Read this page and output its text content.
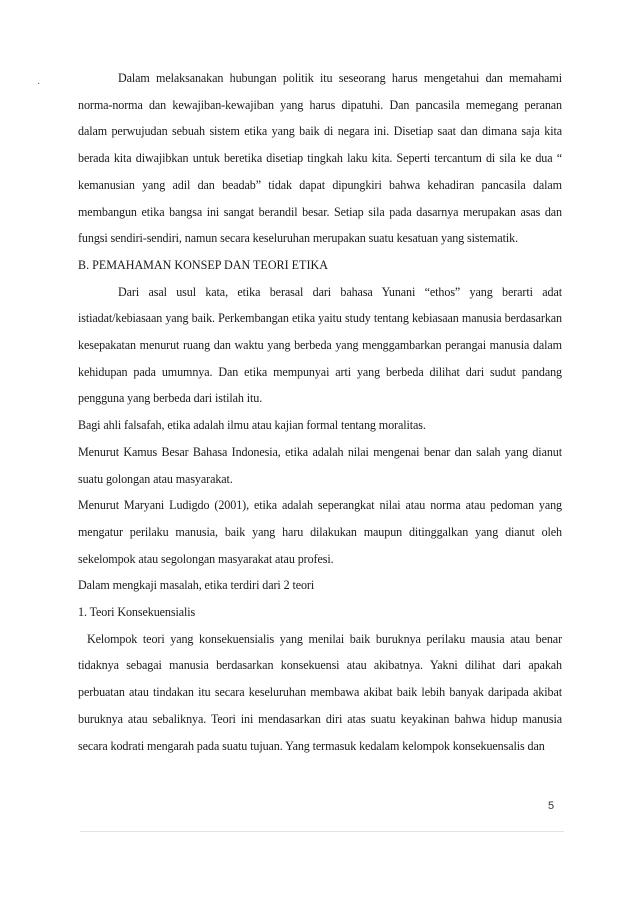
·	Dalam melaksanakan hubungan politik itu seseorang harus mengetahui dan memahami norma-norma dan kewajiban-kewajiban yang harus dipatuhi. Dan pancasila memegang peranan dalam perwujudan sebuah sistem etika yang baik di negara ini. Disetiap saat dan dimana saja kita berada kita diwajibkan untuk beretika disetiap tingkah laku kita. Seperti tercantum di sila ke dua “ kemanusian yang adil dan beadab” tidak dapat dipungkiri bahwa kehadiran pancasila dalam membangun etika bangsa ini sangat berandil besar. Setiap sila pada dasarnya merupakan asas dan fungsi sendiri-sendiri, namun secara keseluruhan merupakan suatu kesatuan yang sistematik.

B. PEMAHAMAN KONSEP DAN TEORI ETIKA

Dari asal usul kata, etika berasal dari bahasa Yunani “ethos” yang berarti adat istiadat/kebiasaan yang baik. Perkembangan etika yaitu study tentang kebiasaan manusia berdasarkan kesepakatan menurut ruang dan waktu yang berbeda yang menggambarkan perangai manusia dalam kehidupan pada umumnya. Dan etika mempunyai arti yang berbeda dilihat dari sudut pandang pengguna yang berbeda dari istilah itu.

Bagi ahli falsafah, etika adalah ilmu atau kajian formal tentang moralitas.

Menurut Kamus Besar Bahasa Indonesia, etika adalah nilai mengenai benar dan salah yang dianut suatu golongan atau masyarakat.

Menurut Maryani Ludigdo (2001), etika adalah seperangkat nilai atau norma atau pedoman yang mengatur perilaku manusia, baik yang haru dilakukan maupun ditinggalkan yang dianut oleh sekelompok atau segolongan masyarakat atau profesi.

Dalam mengkaji masalah, etika terdiri dari 2 teori

1. Teori Konsekuensialis

Kelompok teori yang konsekuensialis yang menilai baik buruknya perilaku mausia atau benar tidaknya sebagai manusia berdasarkan konsekuensi atau akibatnya. Yakni dilihat dari apakah perbuatan atau tindakan itu secara keseluruhan membawa akibat baik lebih banyak daripada akibat buruknya atau sebaliknya. Teori ini mendasarkan diri atas suatu keyakinan bahwa hidup manusia secara kodrati mengarah pada suatu tujuan. Yang termasuk kedalam kelompok konsekuensalis dan

5
